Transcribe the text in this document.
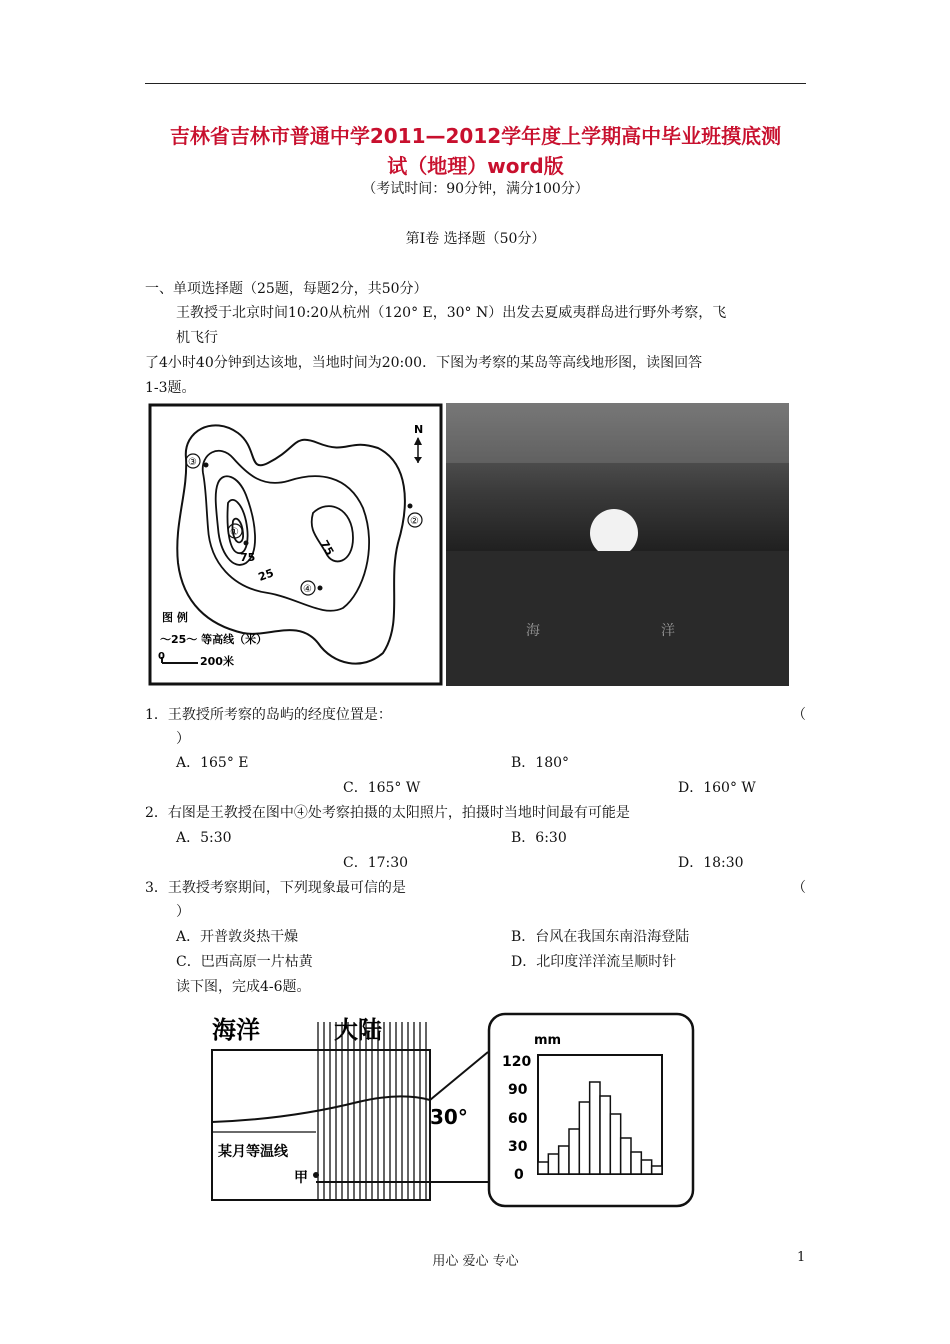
吉林省吉林市普通中学2011—2012学年度上学期高中毕业班摸底测
试（地理）word版
（考试时间：90分钟，满分100分）
第Ⅰ卷 选择题（50分）
一、单项选择题（25题，每题2分，共50分）
王教授于北京时间10:20从杭州（120° E，30° N）出发去夏威夷群岛进行野外考察，飞
机飞行
了4小时40分钟到达该地，当地时间为20:00．下图为考察的某岛等高线地形图，读图回答
1-3题。
75
25
75
③
①
②
④
N
图 例
～25～ 等高线（米）
0	200米
海	洋
1．王教授所考察的岛屿的经度位置是：	（
）
A．165° E	B．180°
C．165° W	D．160° W
2．右图是王教授在图中④处考察拍摄的太阳照片，拍摄时当地时间最有可能是
A．5:30	B．6:30
C．17:30	D．18:30
3．王教授考察期间，下列现象最可信的是	（
）
A．开普敦炎热干燥	B．台风在我国东南沿海登陆
C．巴西高原一片枯黄	D．北印度洋洋流呈顺时针
读下图，完成4-6题。
海洋	大陆
30°
某月等温线
甲
mm
120
90
60
30
0
用心 爱心 专心	1
